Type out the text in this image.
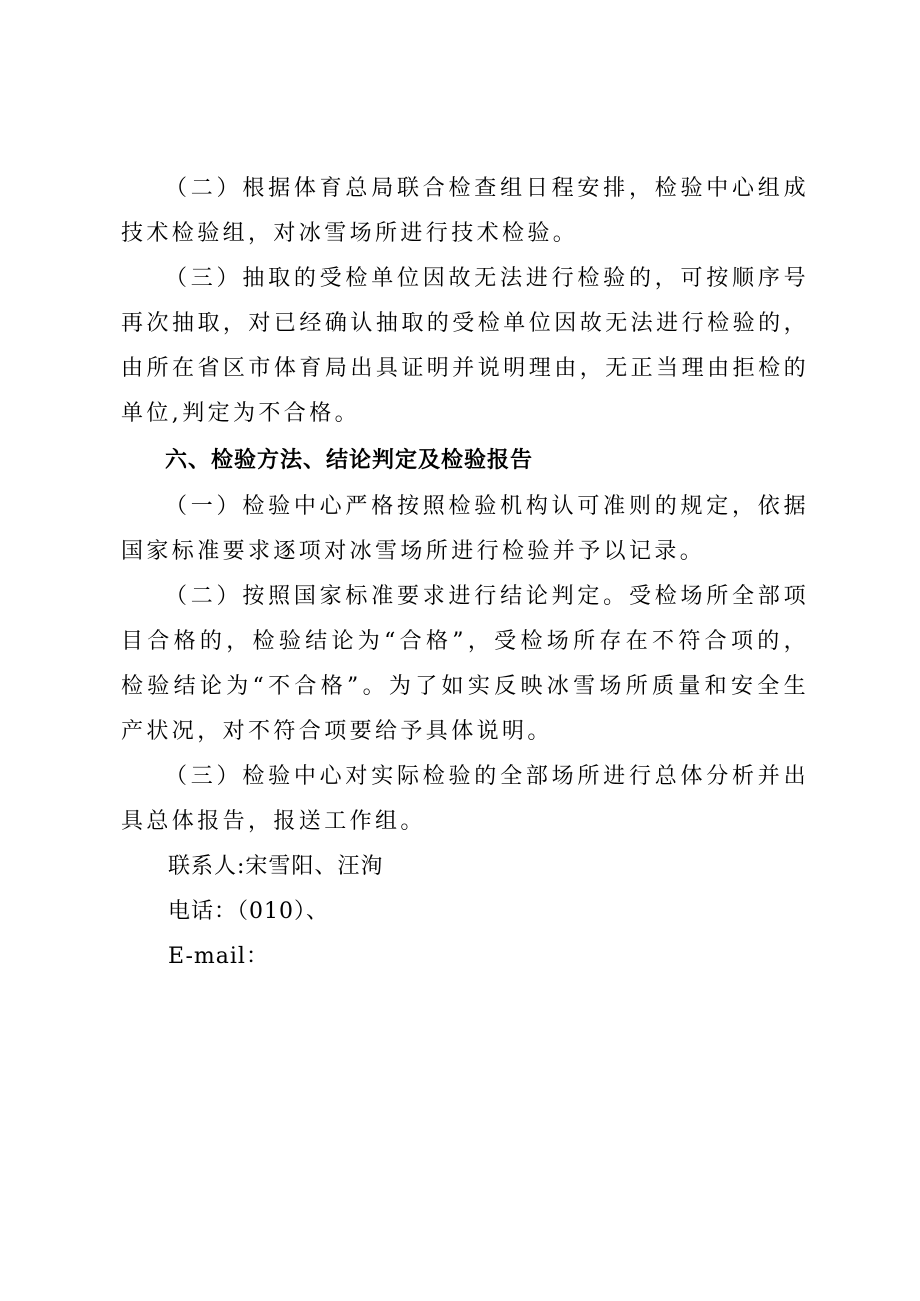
（二）根据体育总局联合检查组日程安排，检验中心组成技术检验组，对冰雪场所进行技术检验。

（三）抽取的受检单位因故无法进行检验的，可按顺序号再次抽取，对已经确认抽取的受检单位因故无法进行检验的，由所在省区市体育局出具证明并说明理由，无正当理由拒检的单位,判定为不合格。

六、检验方法、结论判定及检验报告

（一）检验中心严格按照检验机构认可准则的规定，依据国家标准要求逐项对冰雪场所进行检验并予以记录。

（二）按照国家标准要求进行结论判定。受检场所全部项目合格的，检验结论为“合格”，受检场所存在不符合项的，检验结论为“不合格”。为了如实反映冰雪场所质量和安全生产状况，对不符合项要给予具体说明。

（三）检验中心对实际检验的全部场所进行总体分析并出具总体报告，报送工作组。

联系人:宋雪阳、汪洵

电话：（010）、

E-mail：
